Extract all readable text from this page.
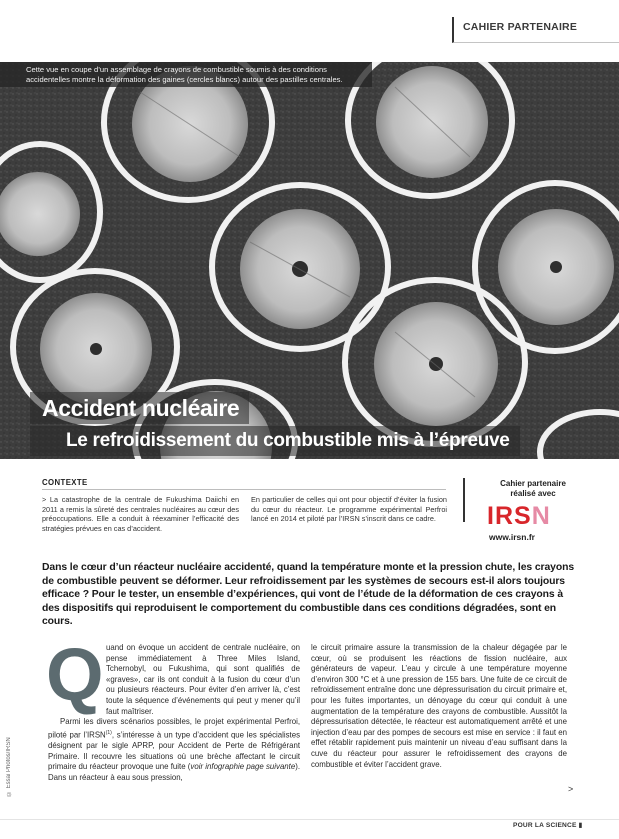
CAHIER PARTENAIRE
Cette vue en coupe d’un assemblage de crayons de combustible soumis à des conditions accidentelles montre la déformation des gaines (cercles blancs) autour des pastilles centrales.
Accident nucléaire
Le refroidissement du combustible mis à l’épreuve
CONTEXTE
> La catastrophe de la centrale de Fukushima Daiichi en 2011 a remis la sûreté des centrales nucléaires au cœur des préoccupations. Elle a conduit à réexaminer l’efficacité des stratégies prévues en cas d’accident.
En particulier de celles qui ont pour objectif d’éviter la fusion du cœur du réacteur. Le programme expérimental Perfroi lancé en 2014 et piloté par l’IRSN s’inscrit dans ce cadre.
Cahier partenaire
réalisé avec
IRSN
www.irsn.fr
Dans le cœur d’un réacteur nucléaire accidenté, quand la température monte et la pression chute, les crayons de combustible peuvent se déformer. Leur refroidissement par les systèmes de secours est-il alors toujours efficace ? Pour le tester, un ensemble d’expériences, qui vont de l’étude de la déformation de ces crayons à des dispositifs qui reproduisent le comportement du combustible dans ces conditions dégradées, sont en cours.

Quand on évoque un accident de centrale nucléaire, on pense immédiatement à Three Miles Island, Tchernobyl, ou Fukushima, qui sont qualifiés de «graves», car ils ont conduit à la fusion du cœur d’un ou plusieurs réacteurs. Pour éviter d’en arriver là, c’est toute la séquence d’événements qui peut y mener qu’il faut maîtriser.

Parmi les divers scénarios possibles, le projet expérimental Perfroi, piloté par l’IRSN$^{(1)}$, s’intéresse à un type d’accident que les spécialistes désignent par le sigle APRP, pour Accident de Perte de Réfrigérant Primaire. Il recouvre les situations où une brèche affectant le circuit primaire du réacteur provoque une fuite (voir infographie page suivante). Dans un réacteur à eau sous pression,

le circuit primaire assure la transmission de la chaleur dégagée par le cœur, où se produisent les réactions de fission nucléaire, aux générateurs de vapeur. L’eau y circule à une température moyenne d’environ 300 °C et à une pression de 155 bars. Une fuite de ce circuit de refroidissement entraîne donc une dépressurisation du circuit primaire et, pour les fuites importantes, un dénoyage du cœur qui conduit à une augmentation de la température des crayons de combustible. Aussitôt la dépressurisation détectée, le réacteur est automatiquement arrêté et une injection d’eau par des pompes de secours est mise en service : il faut en effet rétablir rapidement puis maintenir un niveau d’eau suffisant dans la cuve du réacteur pour assurer le refroidissement des crayons de combustible et éviter l’accident grave.

© Essai Photos/IRSN	>
POUR LA SCIENCE ▮
